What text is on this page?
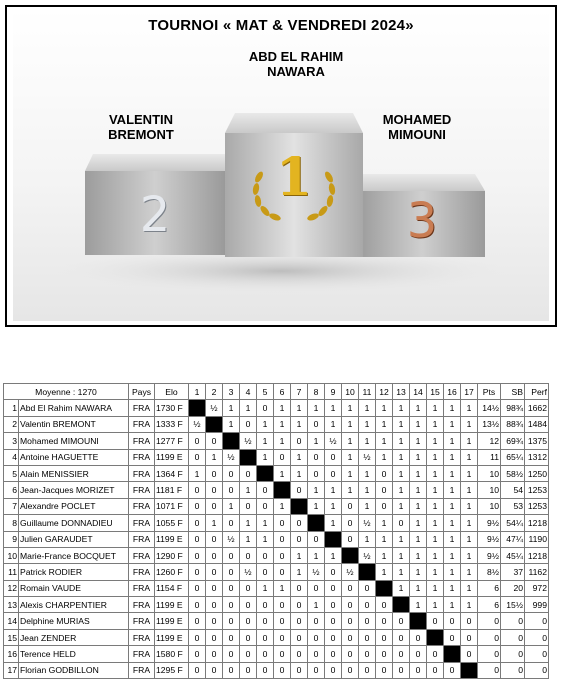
1
2	3
TOURNOI « MAT & VENDREDI 2024»
ABD EL RAHIM
NAWARA
VALENTIN
BREMONT
MOHAMED
MIMOUNI
Moyenne : 1270		Pays	Elo	1	2	3	4	5	6	7	8	9	10	11	12	13	14	15	16	17	Pts	SB	Perf
1	Abd El Rahim NAWARA	FRA	1730 F		½	1	1	0	1	1	1	1	1	1	1	1	1	1	1	1	14½	98¾	1662
2	Valentin BREMONT	FRA	1333 F	½		1	0	1	1	1	0	1	1	1	1	1	1	1	1	1	13½	88¾	1484
3	Mohamed MIMOUNI	FRA	1277 F	0	0		½	1	1	0	1	½	1	1	1	1	1	1	1	1	12	69¾	1375
4	Antoine HAGUETTE	FRA	1199 E	0	1	½		1	0	1	0	0	1	½	1	1	1	1	1	1	11	65¼	1312
5	Alain MENISSIER	FRA	1364 F	1	0	0	0		1	1	0	0	1	1	0	1	1	1	1	1	10	58½	1250
6	Jean-Jacques MORIZET	FRA	1181 F	0	0	0	1	0		0	1	1	1	1	0	1	1	1	1	1	10	54	1253
7	Alexandre POCLET	FRA	1071 F	0	0	1	0	0	1		1	1	0	1	0	1	1	1	1	1	10	53	1253
8	Guillaume DONNADIEU	FRA	1055 F	0	1	0	1	1	0	0		1	0	½	1	0	1	1	1	1	9½	54¼	1218
9	Julien GARAUDET	FRA	1199 E	0	0	½	1	1	0	0	0		0	1	1	1	1	1	1	1	9½	47¼	1190
10	Marie-France BOCQUET	FRA	1290 F	0	0	0	0	0	0	1	1	1		½	1	1	1	1	1	1	9½	45¼	1218
11	Patrick RODIER	FRA	1260 F	0	0	0	½	0	0	1	½	0	½		1	1	1	1	1	1	8½	37	1162
12	Romain VAUDE	FRA	1154 F	0	0	0	0	1	1	0	0	0	0	0		1	1	1	1	1	6	20	972
13	Alexis CHARPENTIER	FRA	1199 E	0	0	0	0	0	0	0	1	0	0	0	0		1	1	1	1	6	15½	999
14	Delphine MURIAS	FRA	1199 E	0	0	0	0	0	0	0	0	0	0	0	0	0		0	0	0	0	0	0
15	Jean ZENDER	FRA	1199 E	0	0	0	0	0	0	0	0	0	0	0	0	0	0		0	0	0	0	0
16	Terence HELD	FRA	1580 F	0	0	0	0	0	0	0	0	0	0	0	0	0	0	0		0	0	0	0
17	Florian GODBILLON	FRA	1295 F	0	0	0	0	0	0	0	0	0	0	0	0	0	0	0	0		0	0	0
